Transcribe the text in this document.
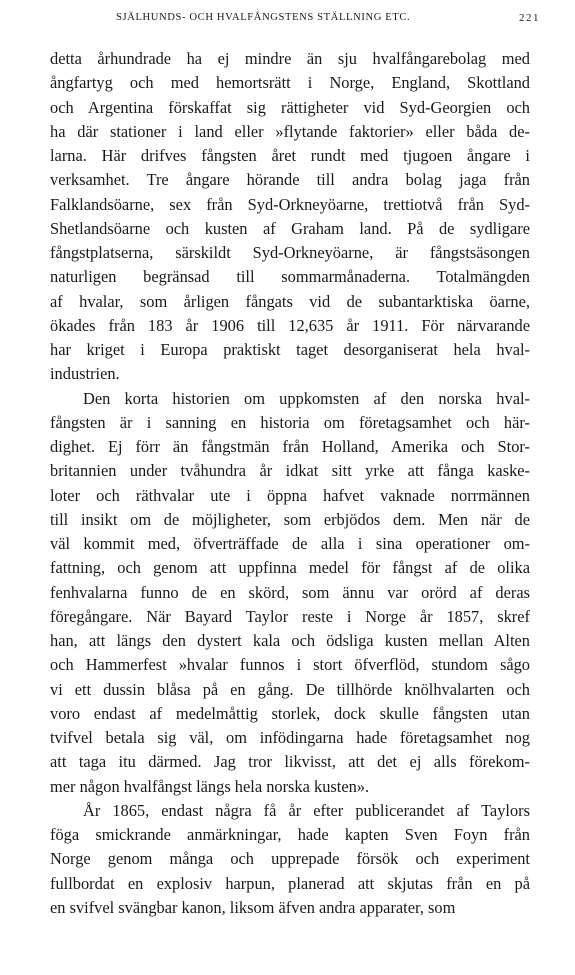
SJÄLHUNDS- OCH HVALFÅNGSTENS STÄLLNING ETC.	221
detta århundrade ha ej mindre än sju hvalfångarebolag med
ångfartyg och med hemortsrätt i Norge, England, Skottland
och Argentina förskaffat sig rättigheter vid Syd-Georgien och
ha där stationer i land eller »flytande faktorier» eller båda de-
larna. Här drifves fångsten året rundt med tjugoen ångare i
verksamhet. Tre ångare hörande till andra bolag jaga från
Falklandsöarne, sex från Syd-Orkneyöarne, trettiotvå från Syd-
Shetlandsöarne och kusten af Graham land. På de sydligare
fångstplatserna, särskildt Syd-Orkneyöarne, är fångstsäsongen
naturligen begränsad till sommarmånaderna. Totalmängden
af hvalar, som årligen fångats vid de subantarktiska öarne,
ökades från 183 år 1906 till 12,635 år 1911. För närvarande
har kriget i Europa praktiskt taget desorganiserat hela hval-
industrien.
Den korta historien om uppkomsten af den norska hval-
fångsten är i sanning en historia om företagsamhet och här-
dighet. Ej förr än fångstmän från Holland, Amerika och Stor-
britannien under tvåhundra år idkat sitt yrke att fånga kaske-
loter och räthvalar ute i öppna hafvet vaknade norrmännen
till insikt om de möjligheter, som erbjödos dem. Men när de
väl kommit med, öfverträffade de alla i sina operationer om-
fattning, och genom att uppfinna medel för fångst af de olika
fenhvalarna funno de en skörd, som ännu var orörd af deras
föregångare. När Bayard Taylor reste i Norge år 1857, skref
han, att längs den dystert kala och ödsliga kusten mellan Alten
och Hammerfest »hvalar funnos i stort öfverflöd, stundom sågo
vi ett dussin blåsa på en gång. De tillhörde knölhvalarten och
voro endast af medelmåttig storlek, dock skulle fångsten utan
tvifvel betala sig väl, om infödingarna hade företagsamhet nog
att taga itu därmed. Jag tror likvisst, att det ej alls förekom-
mer någon hvalfångst längs hela norska kusten».
År 1865, endast några få år efter publicerandet af Taylors
föga smickrande anmärkningar, hade kapten Sven Foyn från
Norge genom många och upprepade försök och experiment
fullbordat en explosiv harpun, planerad att skjutas från en på
en svifvel svängbar kanon, liksom äfven andra apparater, som
